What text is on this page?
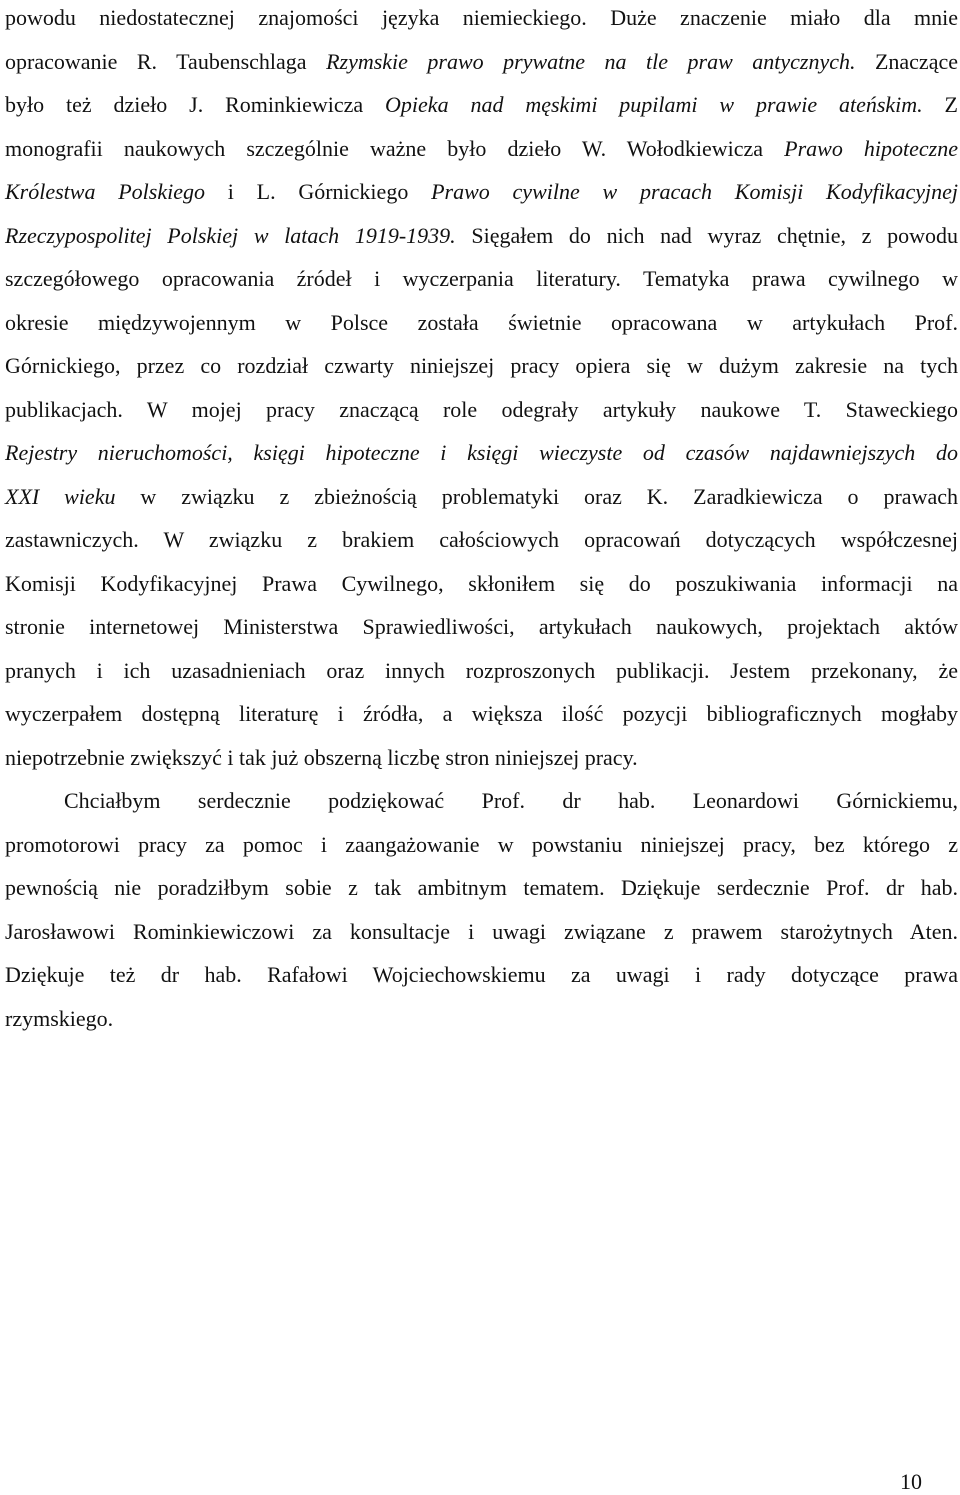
powodu niedostatecznej znajomości języka niemieckiego. Duże znaczenie miało dla mnie
opracowanie R. Taubenschlaga Rzymskie prawo prywatne na tle praw antycznych. Znaczące
było też dzieło J. Rominkiewicza Opieka nad męskimi pupilami w prawie ateńskim. Z
monografii naukowych szczególnie ważne było dzieło W. Wołodkiewicza Prawo hipoteczne
Królestwa Polskiego i L. Górnickiego Prawo cywilne w pracach Komisji Kodyfikacyjnej
Rzeczypospolitej Polskiej w latach 1919-1939. Sięgałem do nich nad wyraz chętnie, z powodu
szczegółowego opracowania źródeł i wyczerpania literatury. Tematyka prawa cywilnego w
okresie międzywojennym w Polsce została świetnie opracowana w artykułach Prof.
Górnickiego, przez co rozdział czwarty niniejszej pracy opiera się w dużym zakresie na tych
publikacjach. W mojej pracy znaczącą role odegrały artykuły naukowe T. Staweckiego
Rejestry nieruchomości, księgi hipoteczne i księgi wieczyste od czasów najdawniejszych do
XXI wieku w związku z zbieżnością problematyki oraz K. Zaradkiewicza o prawach
zastawniczych. W związku z brakiem całościowych opracowań dotyczących współczesnej
Komisji Kodyfikacyjnej Prawa Cywilnego, skłoniłem się do poszukiwania informacji na
stronie internetowej Ministerstwa Sprawiedliwości, artykułach naukowych, projektach aktów
pranych i ich uzasadnieniach oraz innych rozproszonych publikacji. Jestem przekonany, że
wyczerpałem dostępną literaturę i źródła, a większa ilość pozycji bibliograficznych mogłaby
niepotrzebnie zwiększyć i tak już obszerną liczbę stron niniejszej pracy.
Chciałbym serdecznie podziękować Prof. dr hab. Leonardowi Górnickiemu,
promotorowi pracy za pomoc i zaangażowanie w powstaniu niniejszej pracy, bez którego z
pewnością nie poradziłbym sobie z tak ambitnym tematem. Dziękuje serdecznie Prof. dr hab.
Jarosławowi Rominkiewiczowi za konsultacje i uwagi związane z prawem starożytnych Aten.
Dziękuje też dr hab. Rafałowi Wojciechowskiemu za uwagi i rady dotyczące prawa
rzymskiego.
10
